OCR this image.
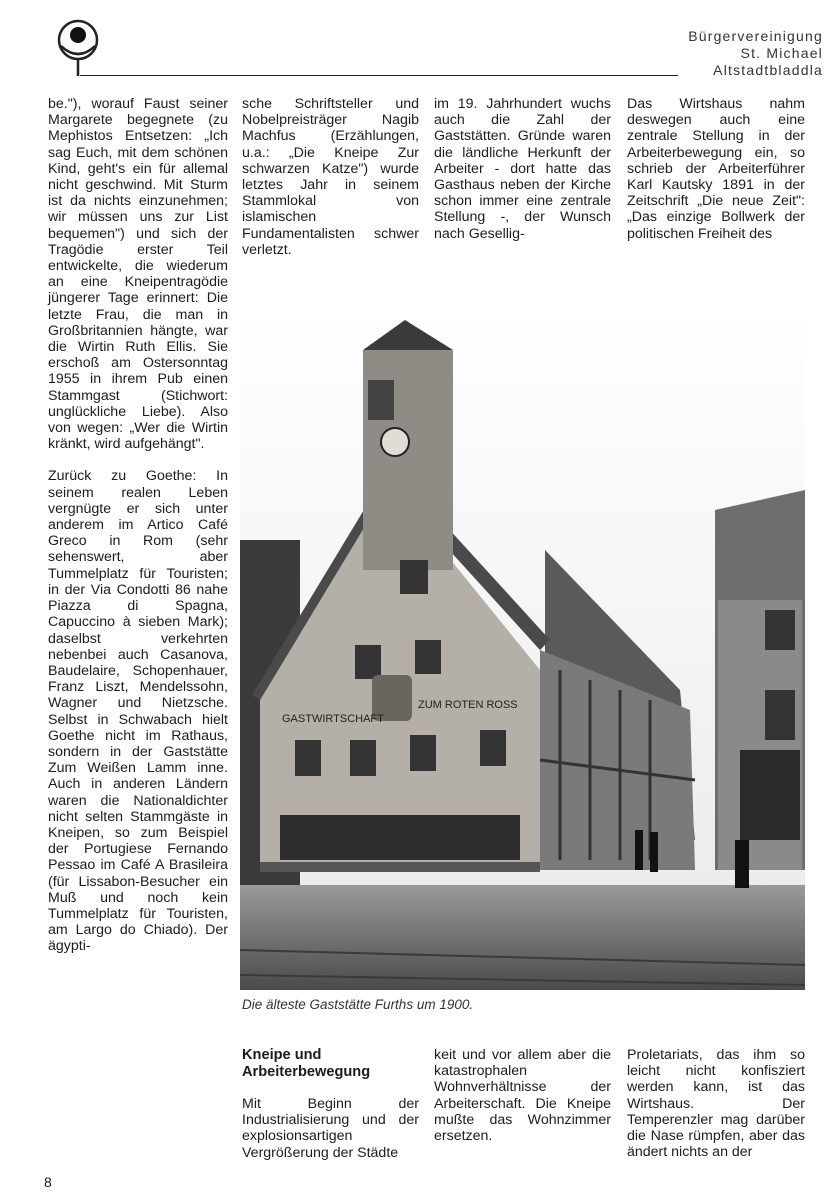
Bürgervereinigung
St. Michael
Altstadtbladdla

be."), worauf Faust seiner Margarete begegnete (zu Mephistos Entsetzen: „Ich sag Euch, mit dem schönen Kind, geht's ein für allemal nicht geschwind. Mit Sturm ist da nichts einzunehmen; wir müssen uns zur List bequemen") und sich der Tragödie erster Teil entwickelte, die wiederum an eine Kneipentragödie jüngerer Tage erinnert: Die letzte Frau, die man in Großbritannien hängte, war die Wirtin Ruth Ellis. Sie erschoß am Ostersonntag 1955 in ihrem Pub einen Stammgast (Stichwort: unglückliche Liebe). Also von wegen: „Wer die Wirtin kränkt, wird aufgehängt".

Zurück zu Goethe: In seinem realen Leben vergnügte er sich unter anderem im Artico Café Greco in Rom (sehr sehenswert, aber Tummelplatz für Touristen; in der Via Condotti 86 nahe Piazza di Spagna, Capuccino à sieben Mark); daselbst verkehrten nebenbei auch Casanova, Baudelaire, Schopenhauer, Franz Liszt, Mendelssohn, Wagner und Nietzsche. Selbst in Schwabach hielt Goethe nicht im Rathaus, sondern in der Gaststätte Zum Weißen Lamm inne. Auch in anderen Ländern waren die Nationaldichter nicht selten Stammgäste in Kneipen, so zum Beispiel der Portugiese Fernando Pessao im Café A Brasileira (für Lissabon-Besucher ein Muß und noch kein Tummelplatz für Touristen, am Largo do Chiado). Der ägypti-

sche Schriftsteller und Nobelpreisträger Nagib Machfus (Erzählungen, u.a.: „Die Kneipe Zur schwarzen Katze") wurde letztes Jahr in seinem Stammlokal von islamischen Fundamentalisten schwer verletzt.

im 19. Jahrhundert wuchs auch die Zahl der Gaststätten. Gründe waren die ländliche Herkunft der Arbeiter - dort hatte das Gasthaus neben der Kirche schon immer eine zentrale Stellung -, der Wunsch nach Gesellig-

Das Wirtshaus nahm deswegen auch eine zentrale Stellung in der Arbeiterbewegung ein, so schrieb der Arbeiterführer Karl Kautsky 1891 in der Zeitschrift „Die neue Zeit": „Das einzige Bollwerk der politischen Freiheit des

GASTWIRTSCHAFT
ZUM ROTEN ROSS
Die älteste Gaststätte Furths um 1900.

Kneipe und Arbeiterbewegung

Mit Beginn der Industrialisierung und der explosionsartigen Vergrößerung der Städte

keit und vor allem aber die katastrophalen Wohnverhältnisse der Arbeiterschaft. Die Kneipe mußte das Wohnzimmer ersetzen.

Proletariats, das ihm so leicht nicht konfisziert werden kann, ist das Wirtshaus. Der Temperenzler mag darüber die Nase rümpfen, aber das ändert nichts an der

8
